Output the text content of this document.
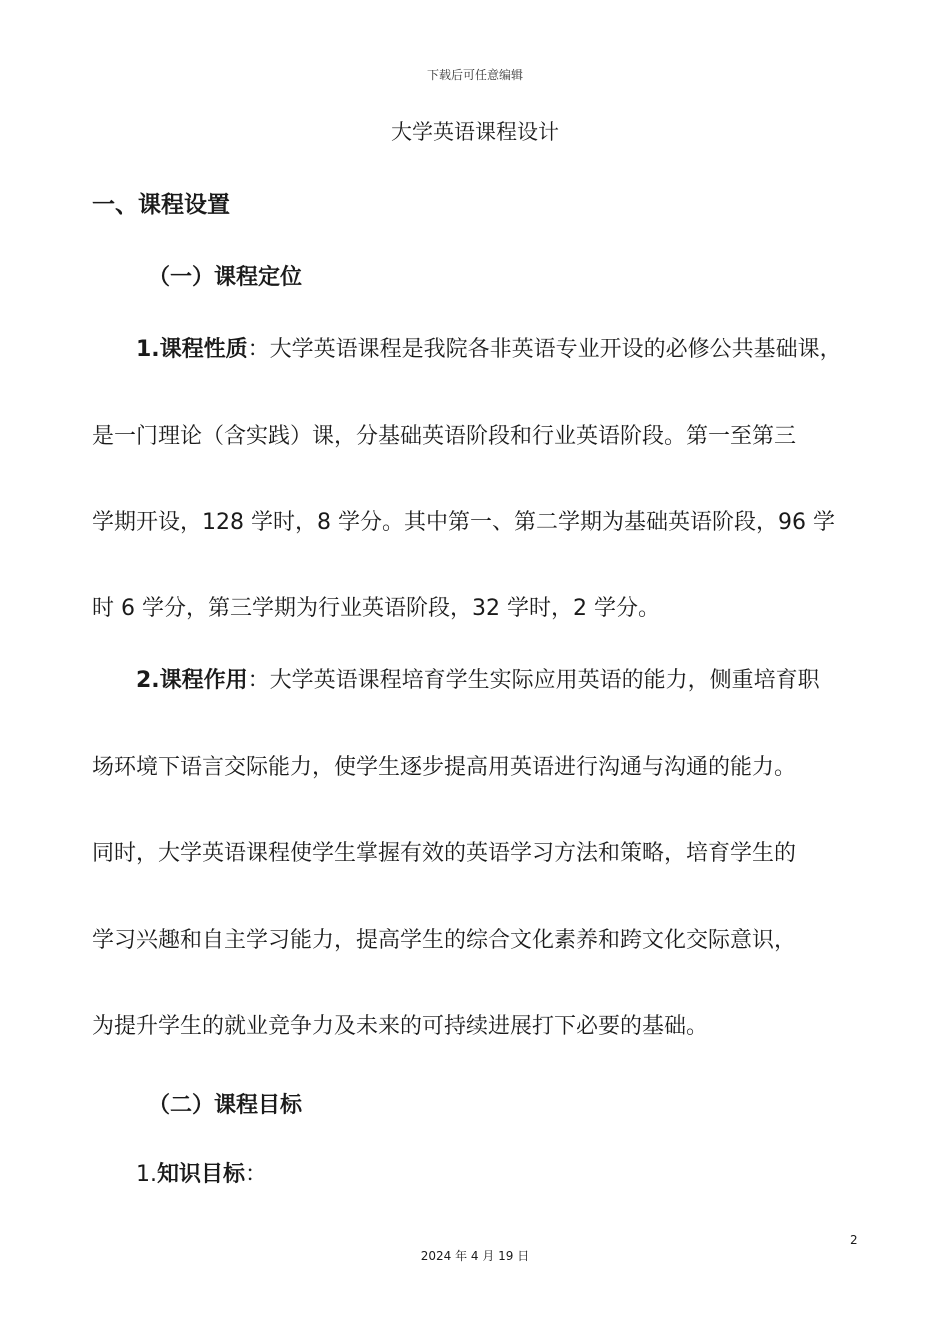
下载后可任意编辑
大学英语课程设计
一、课程设置
（一）课程定位
1.课程性质：大学英语课程是我院各非英语专业开设的必修公共基础课，
是一门理论（含实践）课，分基础英语阶段和行业英语阶段。第一至第三
学期开设，128 学时，8 学分。其中第一、第二学期为基础英语阶段，96 学
时 6 学分，第三学期为行业英语阶段，32 学时，2 学分。
2.课程作用：大学英语课程培育学生实际应用英语的能力，侧重培育职
场环境下语言交际能力，使学生逐步提高用英语进行沟通与沟通的能力。
同时，大学英语课程使学生掌握有效的英语学习方法和策略，培育学生的
学习兴趣和自主学习能力，提高学生的综合文化素养和跨文化交际意识，
为提升学生的就业竞争力及未来的可持续进展打下必要的基础。
（二）课程目标
1.知识目标：
2
2024 年 4 月 19 日
